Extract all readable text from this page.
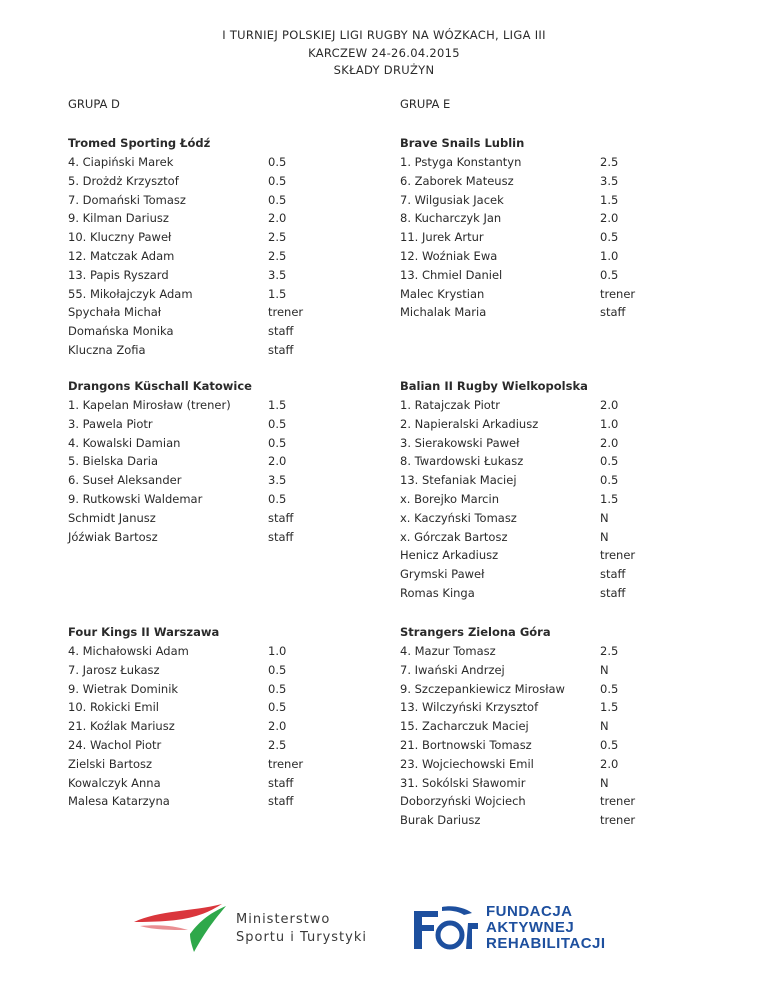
I TURNIEJ POLSKIEJ LIGI RUGBY NA WÓZKACH, LIGA III
KARCZEW 24-26.04.2015
SKŁADY DRUŻYN
GRUPA D	GRUPA E
Tromed Sporting Łódź
4. Ciapiński Marek	0.5
5. Drożdż Krzysztof	0.5
7. Domański Tomasz	0.5
9. Kilman Dariusz	2.0
10. Kluczny Paweł	2.5
12. Matczak Adam	2.5
13. Papis Ryszard	3.5
55. Mikołajczyk Adam	1.5
Spychała Michał	trener
Domańska Monika	staff
Kluczna Zofia	staff
Drangons Küschall Katowice
1. Kapelan Mirosław (trener)	1.5
3. Pawela Piotr	0.5
4. Kowalski Damian	0.5
5. Bielska Daria	2.0
6. Suseł Aleksander	3.5
9. Rutkowski Waldemar	0.5
Schmidt Janusz	staff
Jóźwiak Bartosz	staff
Four Kings II Warszawa
4. Michałowski Adam	1.0
7. Jarosz Łukasz	0.5
9. Wietrak Dominik	0.5
10. Rokicki Emil	0.5
21. Koźlak Mariusz	2.0
24. Wachol Piotr	2.5
Zielski Bartosz	trener
Kowalczyk Anna	staff
Malesa Katarzyna	staff
Brave Snails Lublin
1. Pstyga Konstantyn	2.5
6. Zaborek Mateusz	3.5
7. Wilgusiak Jacek	1.5
8. Kucharczyk Jan	2.0
11. Jurek Artur	0.5
12. Woźniak Ewa	1.0
13. Chmiel Daniel	0.5
Malec Krystian	trener
Michalak Maria	staff
Balian II Rugby Wielkopolska
1. Ratajczak Piotr	2.0
2. Napieralski Arkadiusz	1.0
3. Sierakowski Paweł	2.0
8. Twardowski Łukasz	0.5
13. Stefaniak Maciej	0.5
x. Borejko Marcin	1.5
x. Kaczyński Tomasz	N
x. Górczak Bartosz	N
Henicz Arkadiusz	trener
Grymski Paweł	staff
Romas Kinga	staff
Strangers Zielona Góra
4. Mazur Tomasz	2.5
7. Iwański Andrzej	N
9. Szczepankiewicz Mirosław	0.5
13. Wilczyński Krzysztof	1.5
15. Zacharczuk Maciej	N
21. Bortnowski Tomasz	0.5
23. Wojciechowski Emil	2.0
31. Sokólski Sławomir	N
Doborzyński Wojciech	trener
Burak Dariusz	trener
Ministerstwo
Sportu i Turystyki
FUNDACJA
AKTYWNEJ
REHABILITACJI
